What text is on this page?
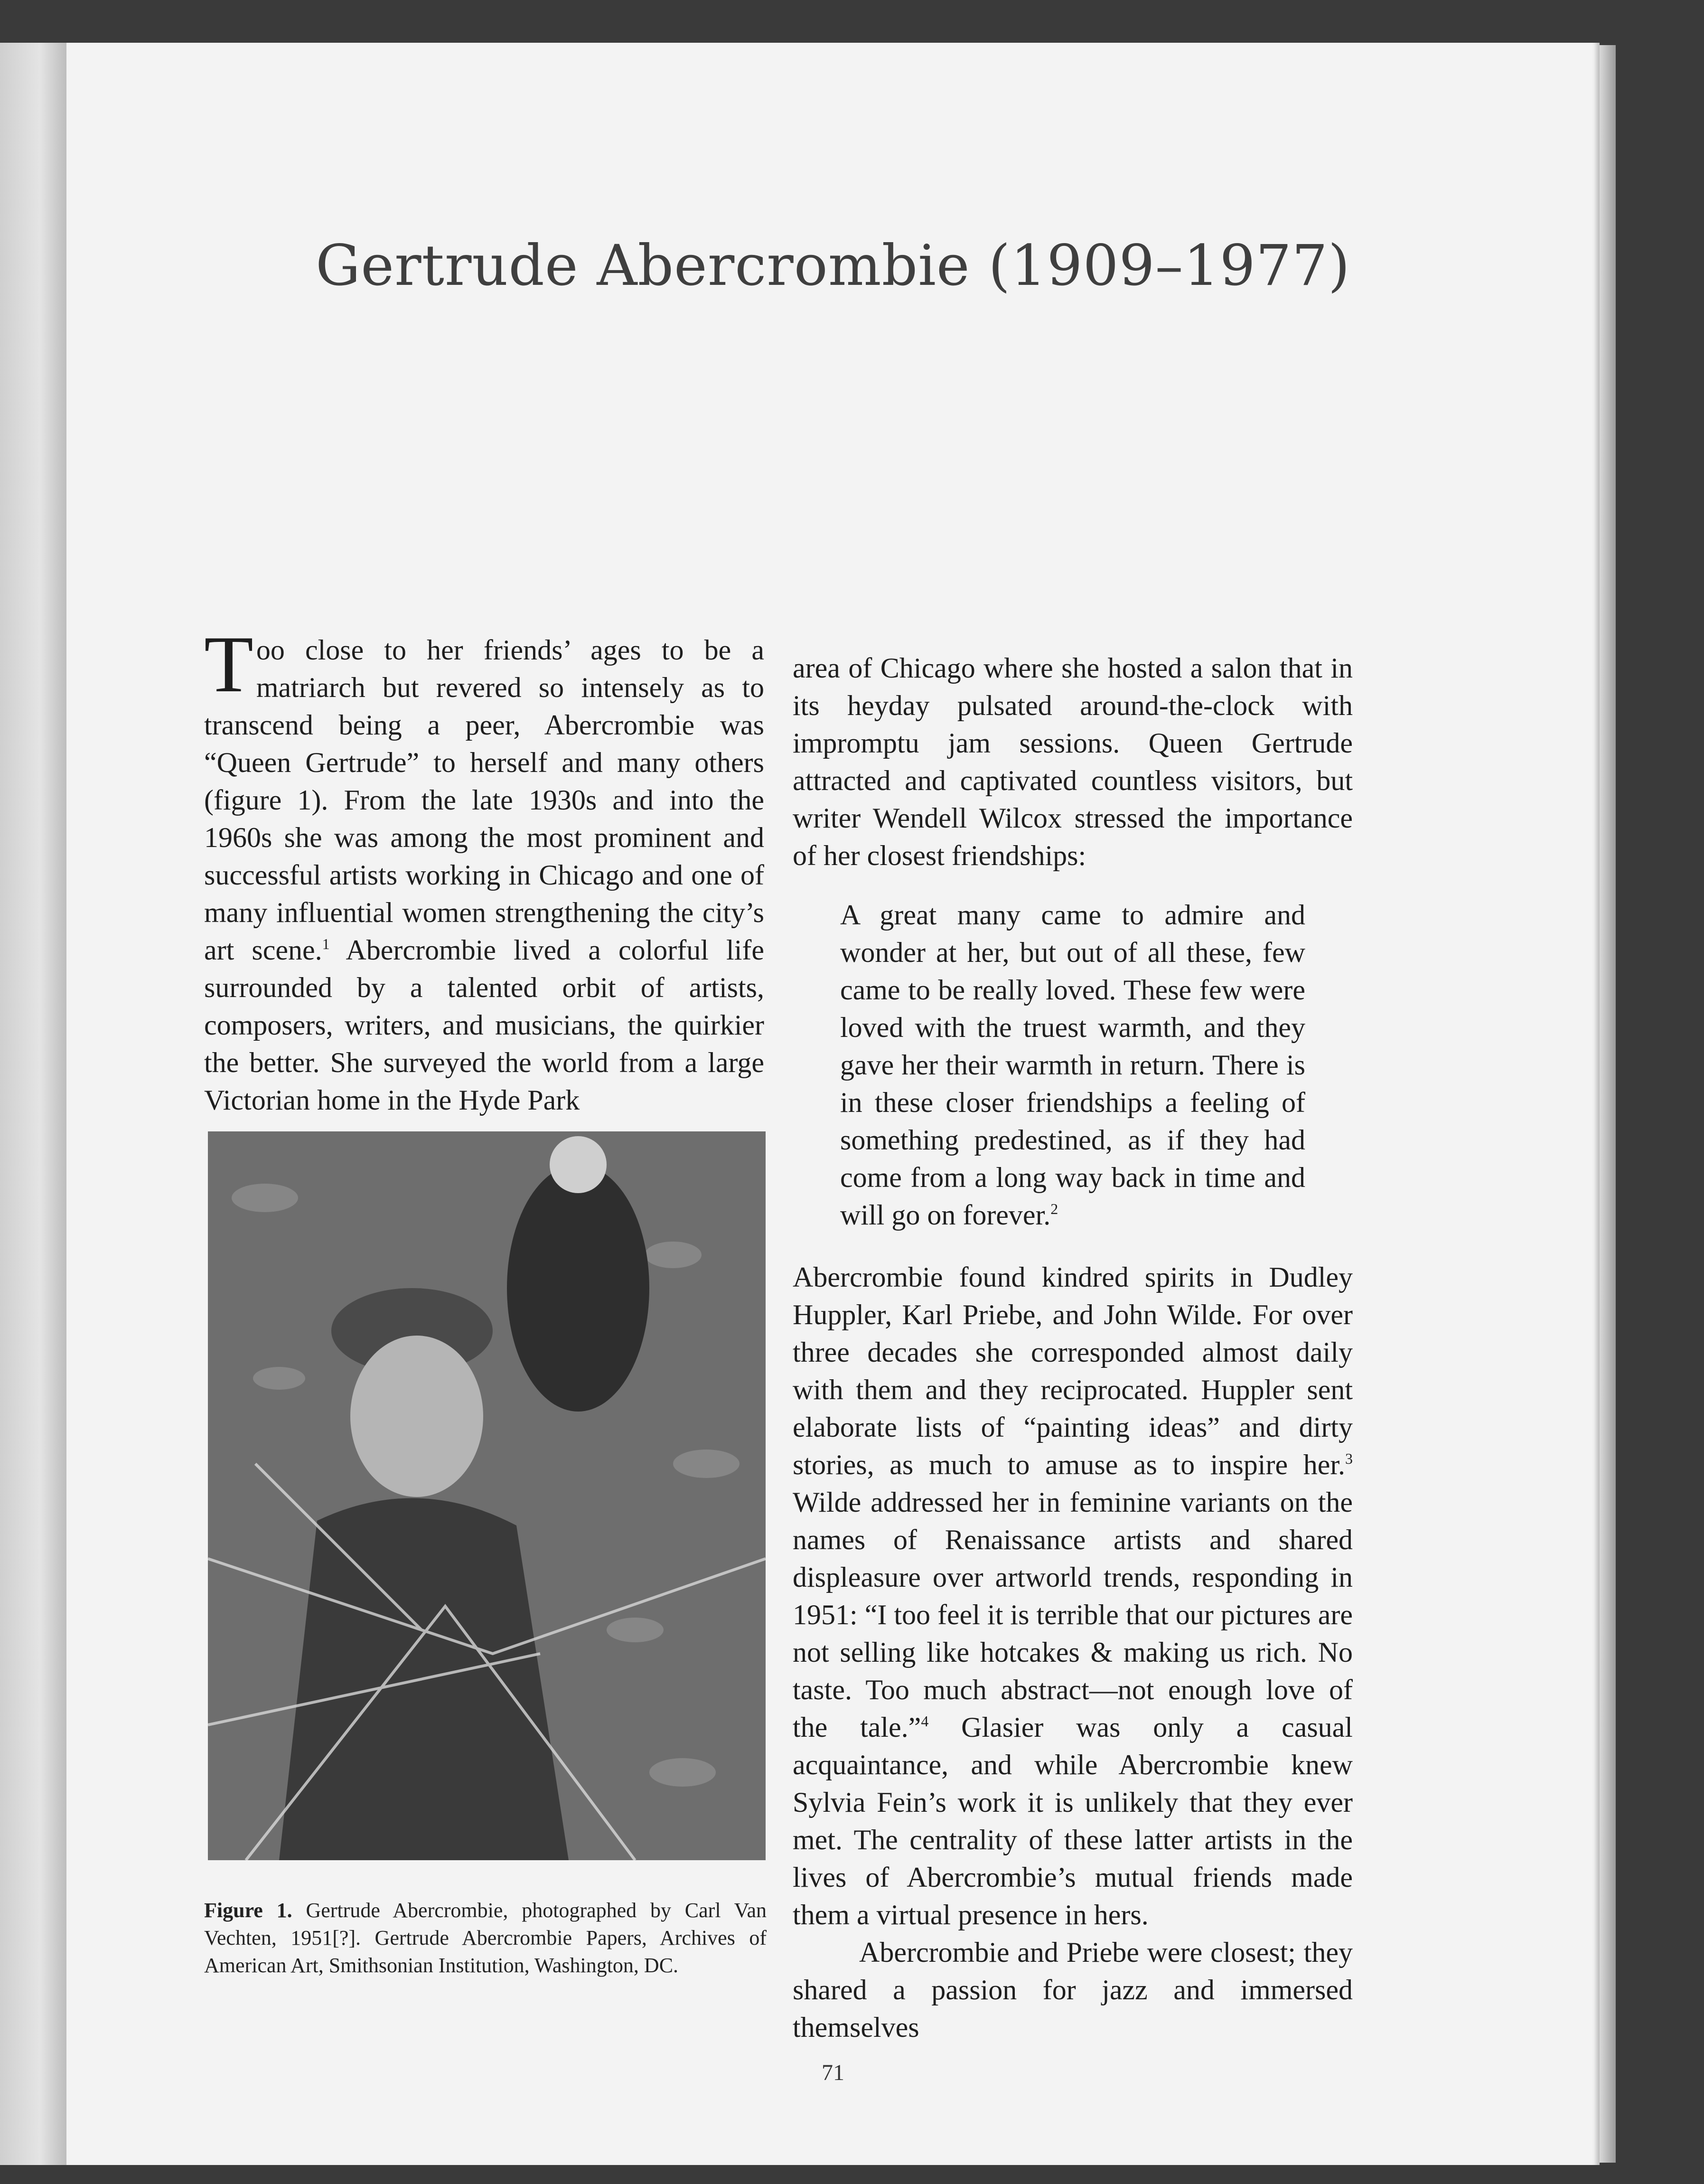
Gertrude Abercrombie (1909–1977)

Too close to her friends’ ages to be a matriarch but revered so intensely as to transcend being a peer, Abercrombie was “Queen Gertrude” to herself and many others (figure 1). From the late 1930s and into the 1960s she was among the most prominent and successful artists working in Chicago and one of many influential women strengthening the city’s art scene.$^1$ Abercrombie lived a colorful life surrounded by a talented orbit of artists, composers, writers, and musicians, the quirkier the better. She surveyed the world from a large Victorian home in the Hyde Park

Figure 1. Gertrude Abercrombie, photographed by Carl Van Vechten, 1951[?]. Gertrude Abercrombie Papers, Archives of American Art, Smithsonian Institution, Washington, DC.

area of Chicago where she hosted a salon that in its heyday pulsated around-the-clock with impromptu jam sessions. Queen Gertrude attracted and captivated countless visitors, but writer Wendell Wilcox stressed the importance of her closest friendships:

A great many came to admire and wonder at her, but out of all these, few came to be really loved. These few were loved with the truest warmth, and they gave her their warmth in return. There is in these closer friendships a feeling of something predestined, as if they had come from a long way back in time and will go on forever.$^2$

Abercrombie found kindred spirits in Dudley Huppler, Karl Priebe, and John Wilde. For over three decades she corresponded almost daily with them and they reciprocated. Huppler sent elaborate lists of “painting ideas” and dirty stories, as much to amuse as to inspire her.$^3$ Wilde addressed her in feminine variants on the names of Renaissance artists and shared displeasure over artworld trends, responding in 1951: “I too feel it is terrible that our pictures are not selling like hotcakes & making us rich. No taste. Too much abstract—not enough love of the tale.”$^4$ Glasier was only a casual acquaintance, and while Abercrombie knew Sylvia Fein’s work it is unlikely that they ever met. The centrality of these latter artists in the lives of Abercrombie’s mutual friends made them a virtual presence in hers.

Abercrombie and Priebe were closest; they shared a passion for jazz and immersed themselves

71
